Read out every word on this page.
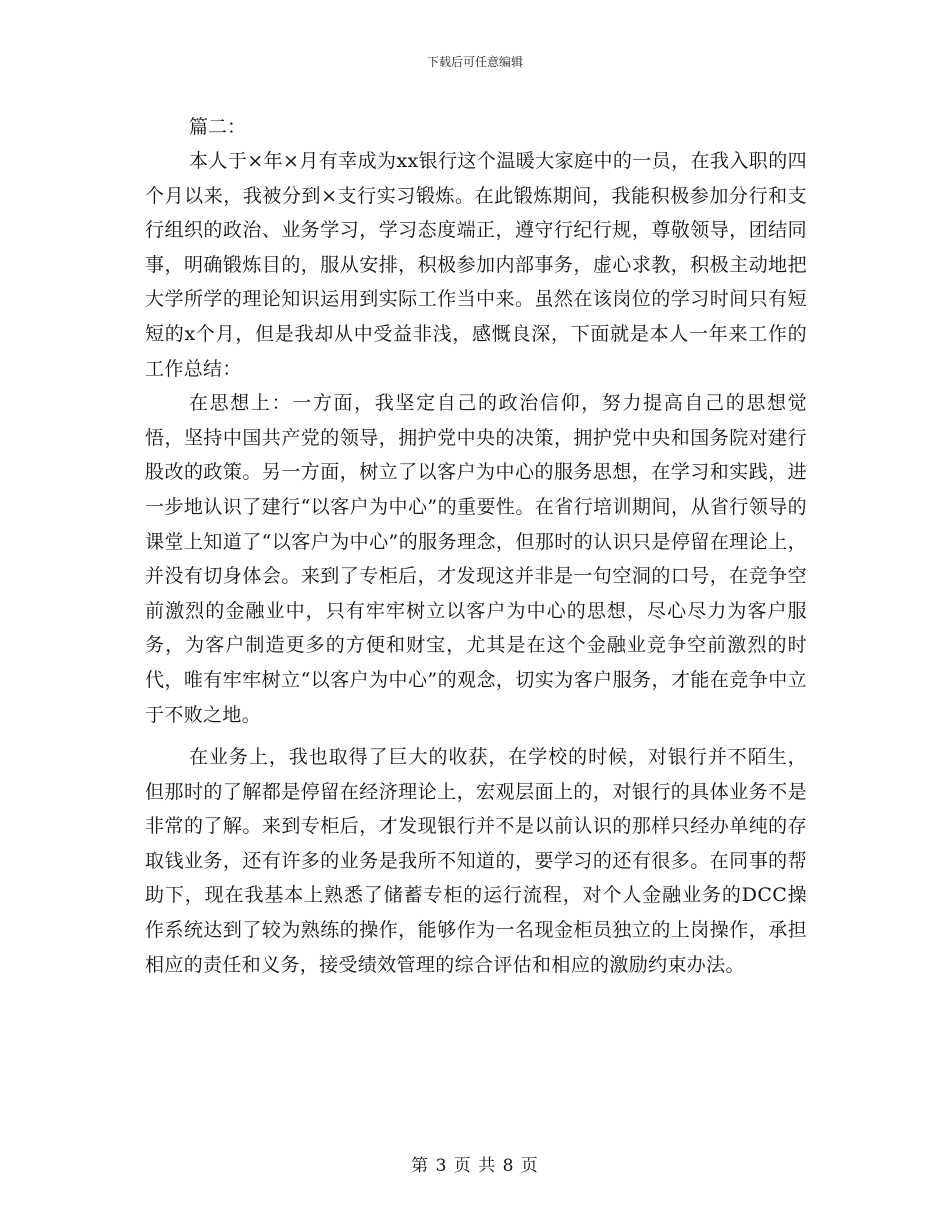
下载后可任意编辑

篇二：

本人于×年×月有幸成为xx银行这个温暖大家庭中的一员，在我入职的四个月以来，我被分到×支行实习锻炼。在此锻炼期间，我能积极参加分行和支行组织的政治、业务学习，学习态度端正，遵守行纪行规，尊敬领导，团结同事，明确锻炼目的，服从安排，积极参加内部事务，虚心求教，积极主动地把大学所学的理论知识运用到实际工作当中来。虽然在该岗位的学习时间只有短短的x个月，但是我却从中受益非浅，感慨良深，下面就是本人一年来工作的工作总结：

在思想上：一方面，我坚定自己的政治信仰，努力提高自己的思想觉悟，坚持中国共产党的领导，拥护党中央的决策，拥护党中央和国务院对建行股改的政策。另一方面，树立了以客户为中心的服务思想，在学习和实践，进一步地认识了建行“以客户为中心”的重要性。在省行培训期间，从省行领导的课堂上知道了“以客户为中心”的服务理念，但那时的认识只是停留在理论上，并没有切身体会。来到了专柜后，才发现这并非是一句空洞的口号，在竞争空前激烈的金融业中，只有牢牢树立以客户为中心的思想，尽心尽力为客户服务，为客户制造更多的方便和财宝，尤其是在这个金融业竞争空前激烈的时代，唯有牢牢树立“以客户为中心”的观念，切实为客户服务，才能在竞争中立于不败之地。

在业务上，我也取得了巨大的收获，在学校的时候，对银行并不陌生，但那时的了解都是停留在经济理论上，宏观层面上的，对银行的具体业务不是非常的了解。来到专柜后，才发现银行并不是以前认识的那样只经办单纯的存取钱业务，还有许多的业务是我所不知道的，要学习的还有很多。在同事的帮助下，现在我基本上熟悉了储蓄专柜的运行流程，对个人金融业务的DCC操作系统达到了较为熟练的操作，能够作为一名现金柜员独立的上岗操作，承担相应的责任和义务，接受绩效管理的综合评估和相应的激励约束办法。

第 3 页 共 8 页
